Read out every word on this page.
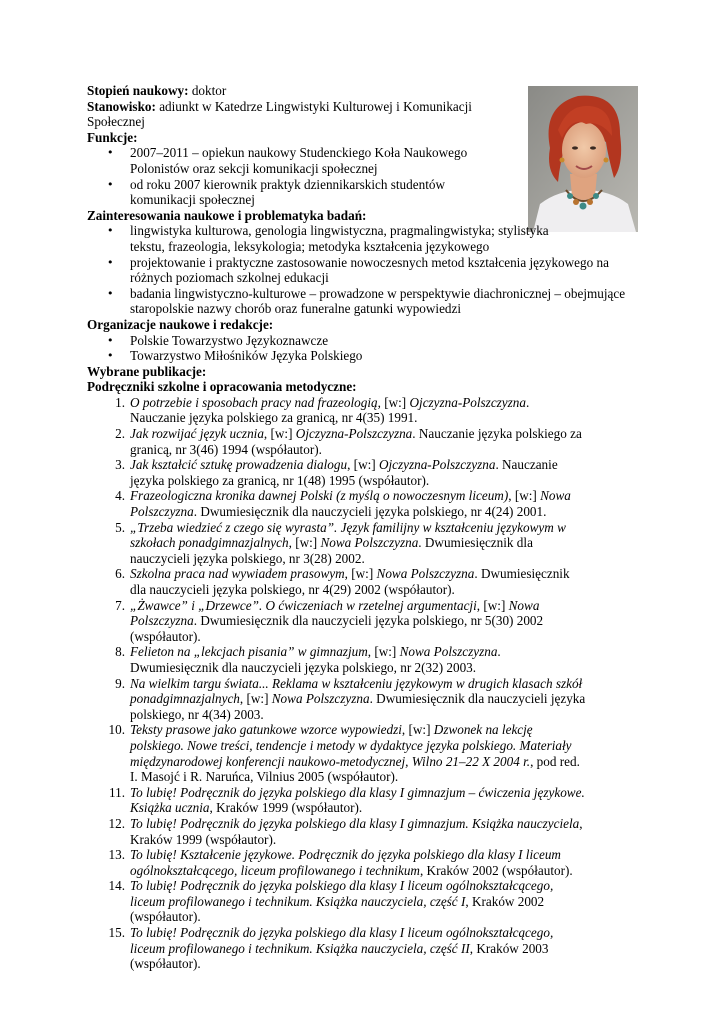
Stopień naukowy: doktor

Stanowisko: adiunkt w Katedrze Lingwistyki Kulturowej i Komunikacji Społecznej

Funkcje:

• 2007–2011 – opiekun naukowy Studenckiego Koła Naukowego Polonistów oraz sekcji komunikacji społecznej
• od roku 2007 kierownik praktyk dziennikarskich studentów komunikacji społecznej

Zainteresowania naukowe i problematyka badań:

• lingwistyka kulturowa, genologia lingwistyczna, pragmalingwistyka; stylistyka tekstu, frazeologia, leksykologia; metodyka kształcenia językowego
• projektowanie i praktyczne zastosowanie nowoczesnych metod kształcenia językowego na różnych poziomach szkolnej edukacji
• badania lingwistyczno-kulturowe – prowadzone w perspektywie diachronicznej – obejmujące staropolskie nazwy chorób oraz funeralne gatunki wypowiedzi

Organizacje naukowe i redakcje:

• Polskie Towarzystwo Językoznawcze
• Towarzystwo Miłośników Języka Polskiego

Wybrane publikacje:

Podręczniki szkolne i opracowania metodyczne:

1. O potrzebie i sposobach pracy nad frazeologią, [w:] Ojczyzna-Polszczyzna. Nauczanie języka polskiego za granicą, nr 4(35) 1991.
2. Jak rozwijać język ucznia, [w:] Ojczyzna-Polszczyzna. Nauczanie języka polskiego za granicą, nr 3(46) 1994 (współautor).
3. Jak kształcić sztukę prowadzenia dialogu, [w:] Ojczyzna-Polszczyzna. Nauczanie języka polskiego za granicą, nr 1(48) 1995 (współautor).
4. Frazeologiczna kronika dawnej Polski (z myślą o nowoczesnym liceum), [w:] Nowa Polszczyzna. Dwumiesięcznik dla nauczycieli języka polskiego, nr 4(24) 2001.
5. „Trzeba wiedzieć z czego się wyrasta”. Język familijny w kształceniu językowym w szkołach ponadgimnazjalnych, [w:] Nowa Polszczyzna. Dwumiesięcznik dla nauczycieli języka polskiego, nr 3(28) 2002.
6. Szkolna praca nad wywiadem prasowym, [w:] Nowa Polszczyzna. Dwumiesięcznik dla nauczycieli języka polskiego, nr 4(29) 2002 (współautor).
7. „Żwawce” i „Drzewce”. O ćwiczeniach w rzetelnej argumentacji, [w:] Nowa Polszczyzna. Dwumiesięcznik dla nauczycieli języka polskiego, nr 5(30) 2002 (współautor).
8. Felieton na „lekcjach pisania” w gimnazjum, [w:] Nowa Polszczyzna. Dwumiesięcznik dla nauczycieli języka polskiego, nr 2(32) 2003.
9. Na wielkim targu świata... Reklama w kształceniu językowym w drugich klasach szkół ponadgimnazjalnych, [w:] Nowa Polszczyzna. Dwumiesięcznik dla nauczycieli języka polskiego, nr 4(34) 2003.
10. Teksty prasowe jako gatunkowe wzorce wypowiedzi, [w:] Dzwonek na lekcję polskiego. Nowe treści, tendencje i metody w dydaktyce języka polskiego. Materiały międzynarodowej konferencji naukowo-metodycznej, Wilno 21–22 X 2004 r., pod red. I. Masojć i R. Naruńca, Vilnius 2005 (współautor).
11. To lubię! Podręcznik do języka polskiego dla klasy I gimnazjum – ćwiczenia językowe. Książka ucznia, Kraków 1999 (współautor).
12. To lubię! Podręcznik do języka polskiego dla klasy I gimnazjum. Książka nauczyciela, Kraków 1999 (współautor).
13. To lubię! Kształcenie językowe. Podręcznik do języka polskiego dla klasy I liceum ogólnokształcącego, liceum profilowanego i technikum, Kraków 2002 (współautor).
14. To lubię! Podręcznik do języka polskiego dla klasy I liceum ogólnokształcącego, liceum profilowanego i technikum. Książka nauczyciela, część I, Kraków 2002 (współautor).
15. To lubię! Podręcznik do języka polskiego dla klasy I liceum ogólnokształcącego, liceum profilowanego i technikum. Książka nauczyciela, część II, Kraków 2003 (współautor).
